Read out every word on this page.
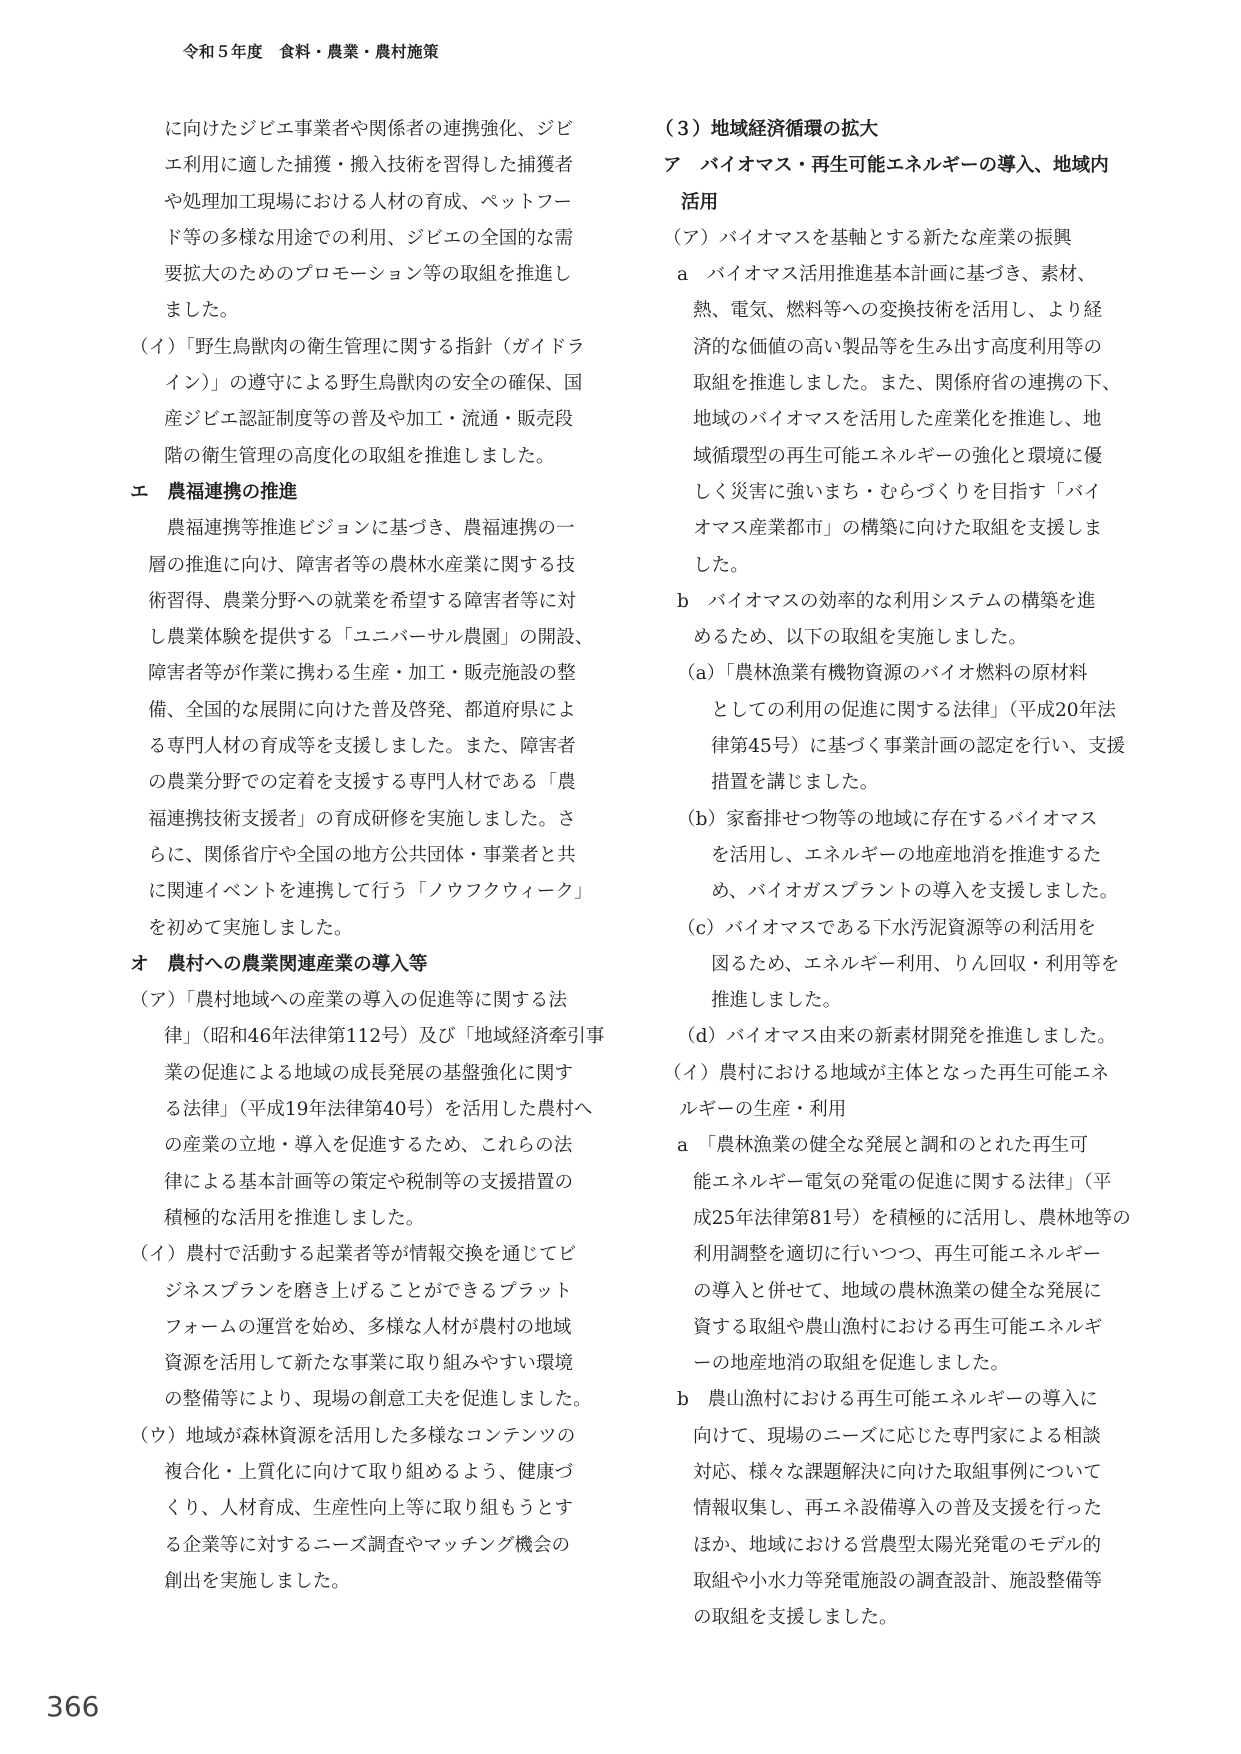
令和５年度　食料・農業・農村施策
に向けたジビエ事業者や関係者の連携強化、ジビ
エ利用に適した捕獲・搬入技術を習得した捕獲者
や処理加工現場における人材の育成、ペットフー
ド等の多様な用途での利用、ジビエの全国的な需
要拡大のためのプロモーション等の取組を推進し
ました。
（イ）「野生鳥獣肉の衛生管理に関する指針（ガイドラ
イン）」の遵守による野生鳥獣肉の安全の確保、国
産ジビエ認証制度等の普及や加工・流通・販売段
階の衛生管理の高度化の取組を推進しました。
エ　農福連携の推進
　農福連携等推進ビジョンに基づき、農福連携の一
層の推進に向け、障害者等の農林水産業に関する技
術習得、農業分野への就業を希望する障害者等に対
し農業体験を提供する「ユニバーサル農園」の開設、
障害者等が作業に携わる生産・加工・販売施設の整
備、全国的な展開に向けた普及啓発、都道府県によ
る専門人材の育成等を支援しました。また、障害者
の農業分野での定着を支援する専門人材である「農
福連携技術支援者」の育成研修を実施しました。さ
らに、関係省庁や全国の地方公共団体・事業者と共
に関連イベントを連携して行う「ノウフクウィーク」
を初めて実施しました。
オ　農村への農業関連産業の導入等
（ア）「農村地域への産業の導入の促進等に関する法
律」（昭和46年法律第112号）及び「地域経済牽引事
業の促進による地域の成長発展の基盤強化に関す
る法律」（平成19年法律第40号）を活用した農村へ
の産業の立地・導入を促進するため、これらの法
律による基本計画等の策定や税制等の支援措置の
積極的な活用を推進しました。
（イ）農村で活動する起業者等が情報交換を通じてビ
ジネスプランを磨き上げることができるプラット
フォームの運営を始め、多様な人材が農村の地域
資源を活用して新たな事業に取り組みやすい環境
の整備等により、現場の創意工夫を促進しました。
（ウ）地域が森林資源を活用した多様なコンテンツの
複合化・上質化に向けて取り組めるよう、健康づ
くり、人材育成、生産性向上等に取り組もうとす
る企業等に対するニーズ調査やマッチング機会の
創出を実施しました。
（３）地域経済循環の拡大
ア　バイオマス・再生可能エネルギーの導入、地域内
活用
（ア）バイオマスを基軸とする新たな産業の振興
a　バイオマス活用推進基本計画に基づき、素材、
熱、電気、燃料等への変換技術を活用し、より経
済的な価値の高い製品等を生み出す高度利用等の
取組を推進しました。また、関係府省の連携の下、
地域のバイオマスを活用した産業化を推進し、地
域循環型の再生可能エネルギーの強化と環境に優
しく災害に強いまち・むらづくりを目指す「バイ
オマス産業都市」の構築に向けた取組を支援しま
した。
b　バイオマスの効率的な利用システムの構築を進
めるため、以下の取組を実施しました。
（a）「農林漁業有機物資源のバイオ燃料の原材料
としての利用の促進に関する法律」（平成20年法
律第45号）に基づく事業計画の認定を行い、支援
措置を講じました。
（b）家畜排せつ物等の地域に存在するバイオマス
を活用し、エネルギーの地産地消を推進するた
め、バイオガスプラントの導入を支援しました。
（c）バイオマスである下水汚泥資源等の利活用を
図るため、エネルギー利用、りん回収・利用等を
推進しました。
（d）バイオマス由来の新素材開発を推進しました。
（イ）農村における地域が主体となった再生可能エネ
ルギーの生産・利用
a　「農林漁業の健全な発展と調和のとれた再生可
能エネルギー電気の発電の促進に関する法律」（平
成25年法律第81号）を積極的に活用し、農林地等の
利用調整を適切に行いつつ、再生可能エネルギー
の導入と併せて、地域の農林漁業の健全な発展に
資する取組や農山漁村における再生可能エネルギ
ーの地産地消の取組を促進しました。
b　農山漁村における再生可能エネルギーの導入に
向けて、現場のニーズに応じた専門家による相談
対応、様々な課題解決に向けた取組事例について
情報収集し、再エネ設備導入の普及支援を行った
ほか、地域における営農型太陽光発電のモデル的
取組や小水力等発電施設の調査設計、施設整備等
の取組を支援しました。
366
